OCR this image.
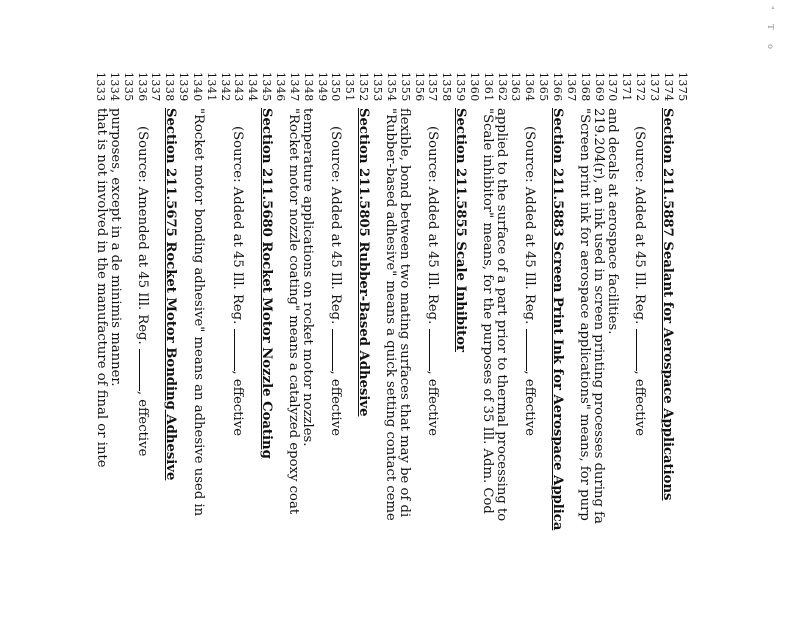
" T o
1333 1334 1335 1336 1337 1338 1339 1340 1341 1342 1343 1344 1345 1346 1347 1348 1349 1350 1351 1352 1353 1354 1355 1356 1357 1358 1359 1360 1361 1362 1363 1364 1365 1366 1367 1368 1369 1370 1371 1372 1373 1374 1375
that is not involved in the manufacture of final or inte purposes, except in a de minimis manner. (Source: Amended at 45 Ill. Reg. , effective Section 211.5675 Rocket Motor Bonding Adhesive "Rocket motor bonding adhesive" means an adhesive used in (Source: Added at 45 Ill. Reg. , effective Section 211.5680 Rocket Motor Nozzle Coating "Rocket motor nozzle coating" means a catalyzed epoxy coat temperature applications on rocket motor nozzles. (Source: Added at 45 Ill. Reg. , effective Section 211.5805 Rubber-Based Adhesive "Rubber-based adhesive" means a quick setting contact ceme flexible, bond between two mating surfaces that may be of di (Source: Added at 45 Ill. Reg. , effective
Section 211.5855 Scale Inhibitor "Scale inhibitor" means, for the purposes of 35 Ill. Adm. Cod applied to the surface of a part prior to thermal processing to (Source: Added at 45 Ill. Reg. , effective Section 211.5883 Screen Print Ink for Aerospace Applica "Screen print ink for aerospace applications" means, for purp 219.204(r), an ink used in screen printing processes during fa and decals at aerospace facilities. (Source: Added at 45 Ill. Reg. , effective Section 211.5887 Sealant for Aerospace Applications
